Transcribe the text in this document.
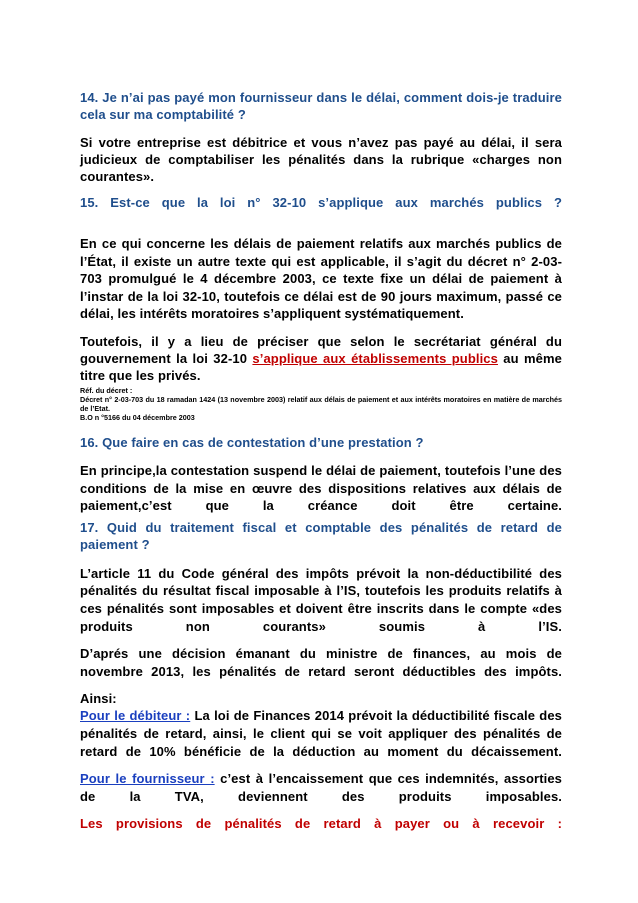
14. Je n’ai pas payé mon fournisseur dans le délai, comment dois-je traduire cela sur ma comptabilité ?

Si votre entreprise est débitrice et vous n’avez pas payé au délai, il sera judicieux de comptabiliser les pénalités dans la rubrique «charges non courantes».

15. Est-ce que la loi n° 32-10 s’applique aux marchés publics ?

En ce qui concerne les délais de paiement relatifs aux marchés publics de l’État, il existe un autre texte qui est applicable, il s’agit du décret n° 2-03-703 promulgué le 4 décembre 2003, ce texte fixe un délai de paiement à l’instar de la loi 32-10, toutefois ce délai est de 90 jours maximum, passé ce délai, les intérêts moratoires s’appliquent systématiquement.

Toutefois, il y a lieu de préciser que selon le secrétariat général du gouvernement la loi 32-10 s’applique aux établissements publics au même titre que les privés.

Réf. du décret :

Décret n° 2-03-703 du 18 ramadan 1424 (13 novembre 2003) relatif aux délais de paiement et aux intérêts moratoires en matière de marchés de l’Etat.

B.O n °5166 du 04 décembre 2003

16. Que faire en cas de contestation d’une prestation ?

En principe,la contestation suspend le délai de paiement, toutefois l’une des conditions de la mise en œuvre des dispositions relatives aux délais de paiement,c’est que la créance doit être certaine.

17. Quid du traitement fiscal et comptable des pénalités de retard de paiement ?

L’article 11 du Code général des impôts prévoit la non-déductibilité des pénalités du résultat fiscal imposable à l’IS, toutefois les produits relatifs à ces pénalités sont imposables et doivent être inscrits dans le compte «des produits non courants» soumis à l’IS.

D’aprés une décision émanant du ministre de finances, au mois de novembre 2013, les pénalités de retard seront déductibles des impôts.

Ainsi:

Pour le débiteur : La loi de Finances 2014 prévoit la déductibilité fiscale des pénalités de retard, ainsi, le client qui se voit appliquer des pénalités de retard de 10% bénéficie de la déduction au moment du décaissement.

Pour le fournisseur : c’est à l’encaissement que ces indemnités, assorties de la TVA, deviennent des produits imposables.

Les provisions de pénalités de retard à payer ou à recevoir :
